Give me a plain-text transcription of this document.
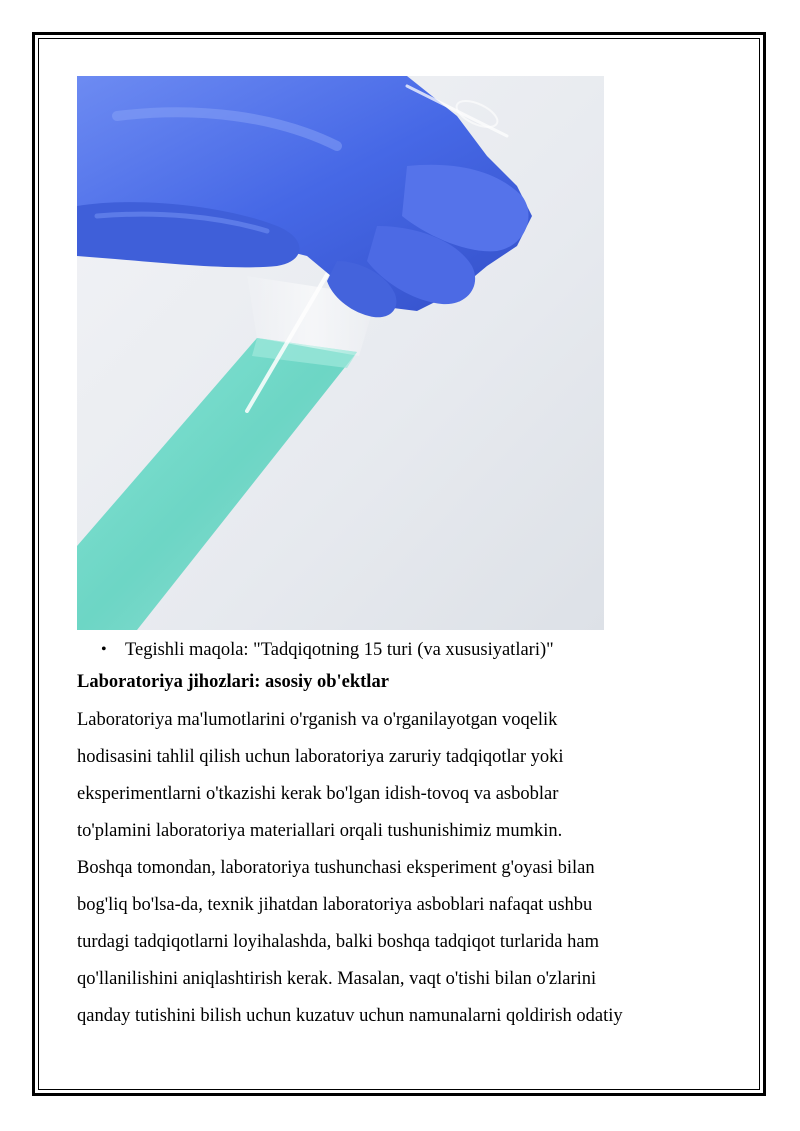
• Tegishli maqola: "Tadqiqotning 15 turi (va xususiyatlari)"
Laboratoriya jihozlari: asosiy ob'ektlar

Laboratoriya ma'lumotlarini o'rganish va o'rganilayotgan voqelik

hodisasini tahlil qilish uchun laboratoriya zaruriy tadqiqotlar yoki

eksperimentlarni o'tkazishi kerak bo'lgan idish-tovoq va asboblar

to'plamini laboratoriya materiallari orqali tushunishimiz mumkin.

Boshqa tomondan, laboratoriya tushunchasi eksperiment g'oyasi bilan

bog'liq bo'lsa-da, texnik jihatdan laboratoriya asboblari nafaqat ushbu

turdagi tadqiqotlarni loyihalashda, balki boshqa tadqiqot turlarida ham

qo'llanilishini aniqlashtirish kerak. Masalan, vaqt o'tishi bilan o'zlarini

qanday tutishini bilish uchun kuzatuv uchun namunalarni qoldirish odatiy
